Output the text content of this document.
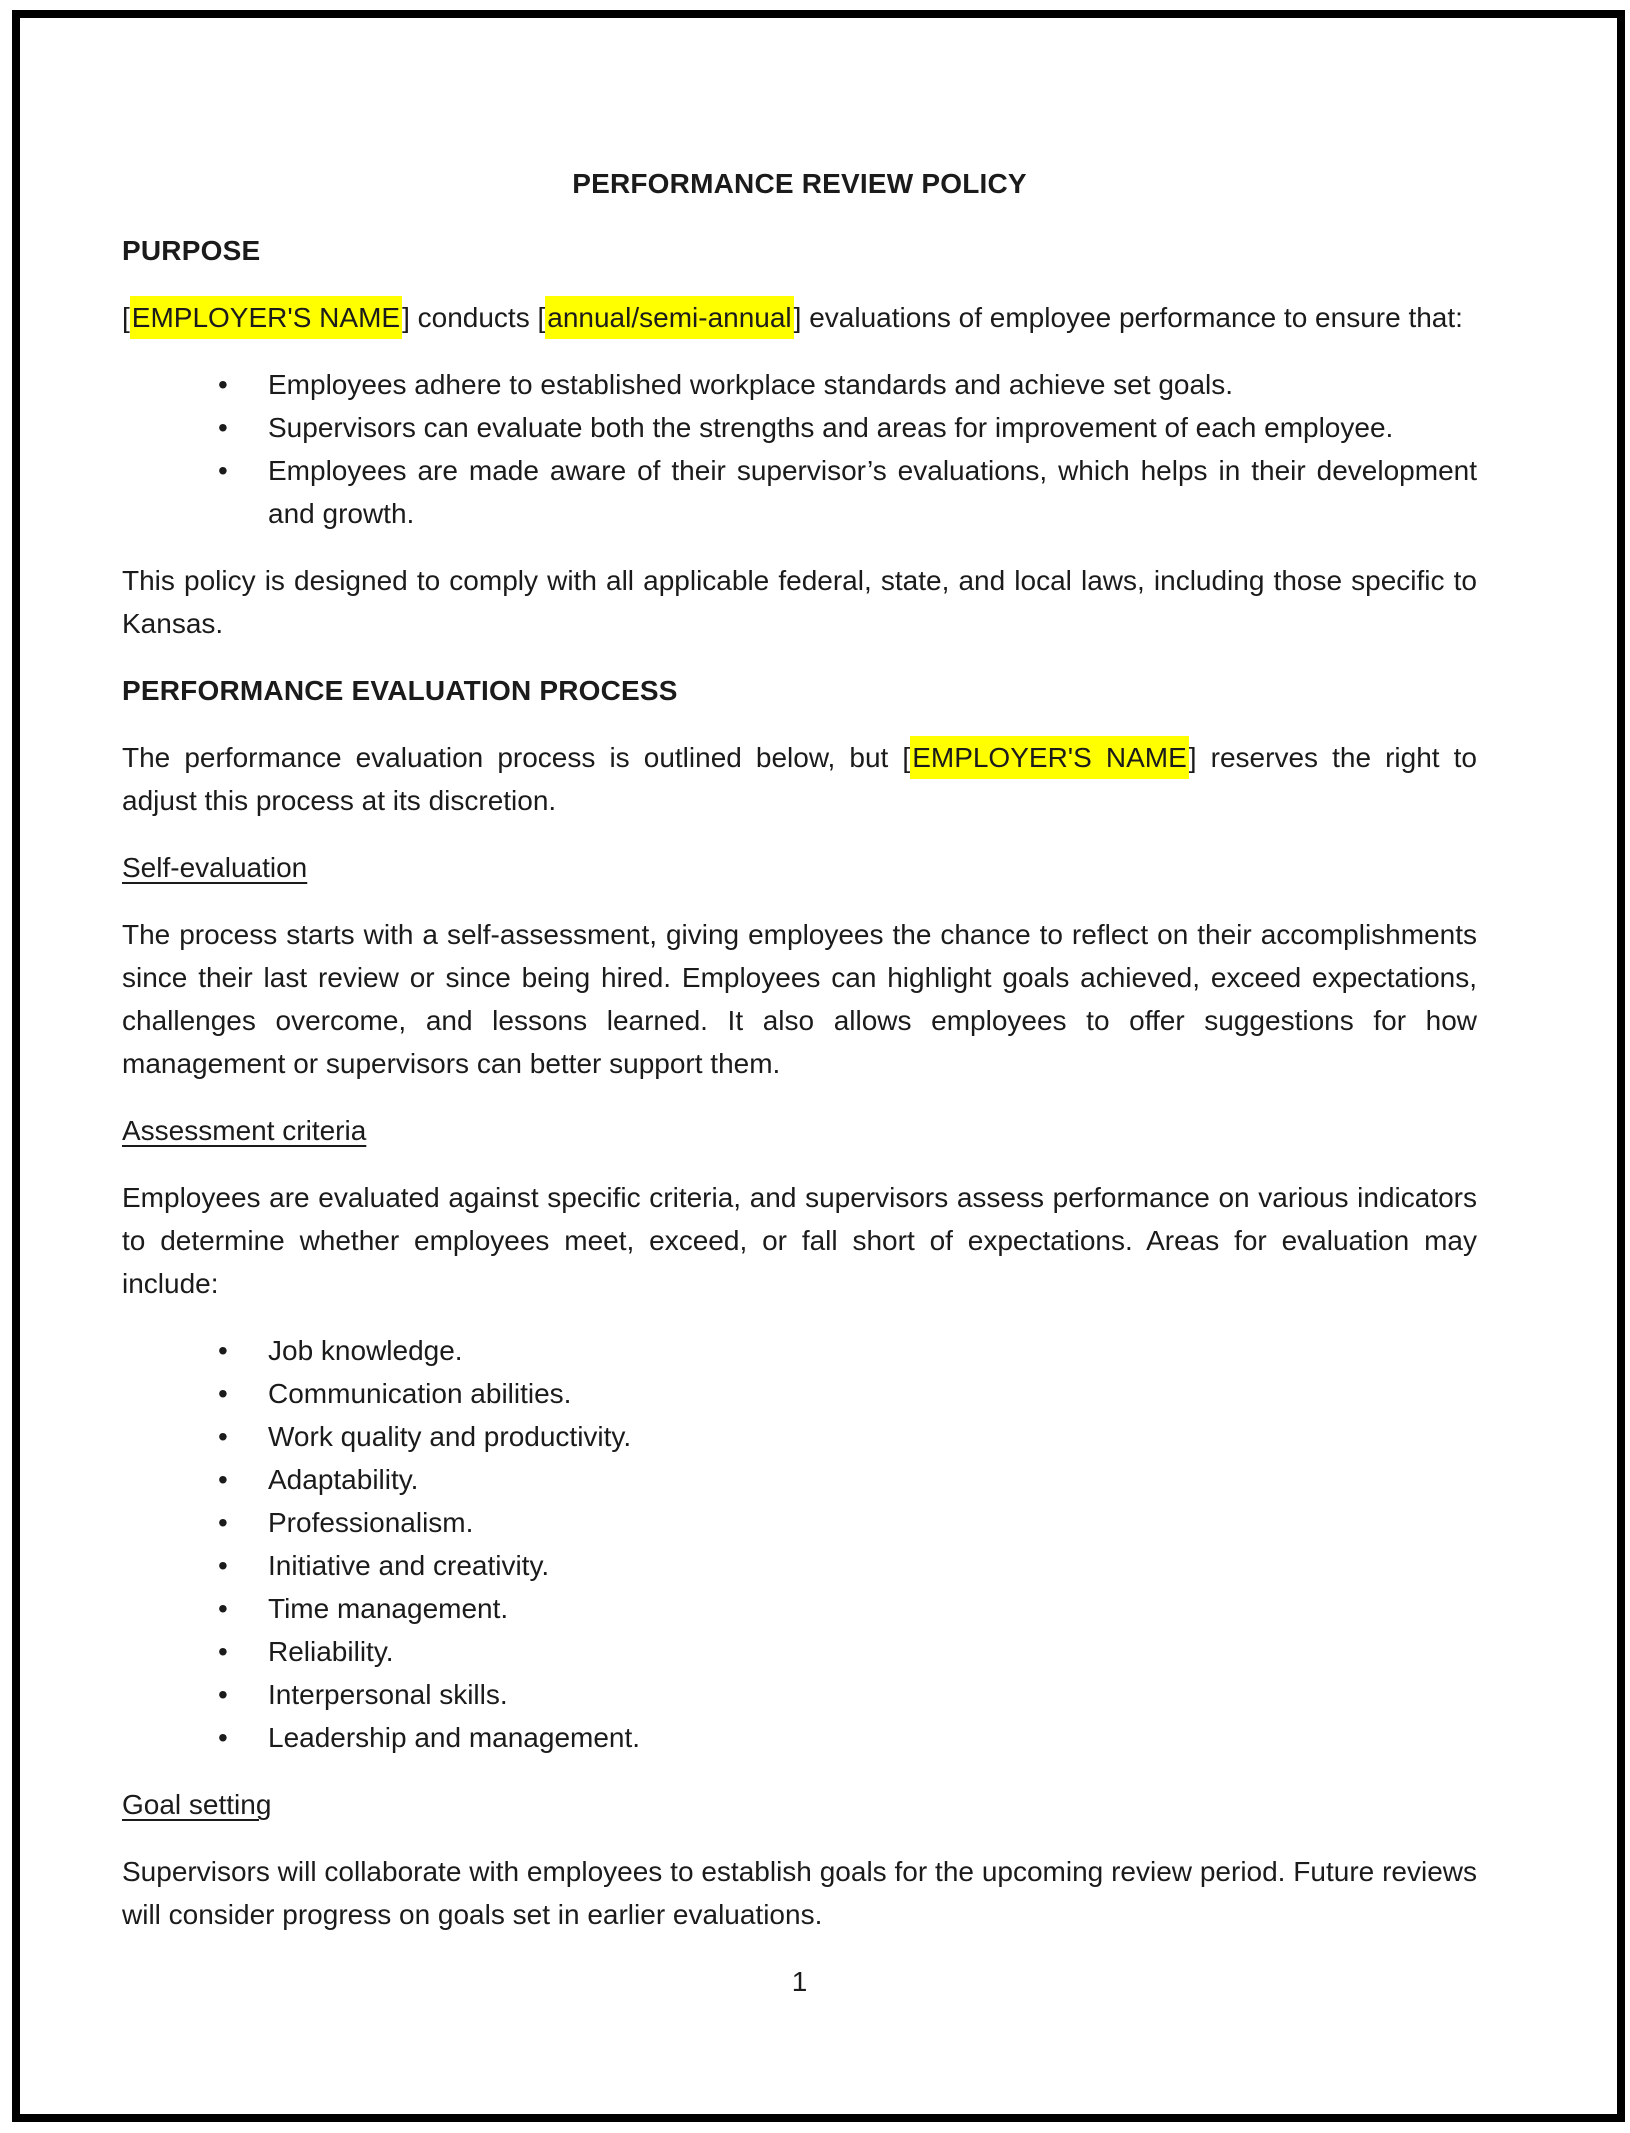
PERFORMANCE REVIEW POLICY
PURPOSE

[EMPLOYER'S NAME] conducts [annual/semi-annual] evaluations of employee performance to ensure that:

• Employees adhere to established workplace standards and achieve set goals.
• Supervisors can evaluate both the strengths and areas for improvement of each employee.
• Employees are made aware of their supervisor’s evaluations, which helps in their development and growth.

This policy is designed to comply with all applicable federal, state, and local laws, including those specific to Kansas.

PERFORMANCE EVALUATION PROCESS

The performance evaluation process is outlined below, but [EMPLOYER'S NAME] reserves the right to adjust this process at its discretion.

Self-evaluation

The process starts with a self-assessment, giving employees the chance to reflect on their accomplishments since their last review or since being hired. Employees can highlight goals achieved, exceed expectations, challenges overcome, and lessons learned. It also allows employees to offer suggestions for how management or supervisors can better support them.

Assessment criteria

Employees are evaluated against specific criteria, and supervisors assess performance on various indicators to determine whether employees meet, exceed, or fall short of expectations. Areas for evaluation may include:

• Job knowledge.
• Communication abilities.
• Work quality and productivity.
• Adaptability.
• Professionalism.
• Initiative and creativity.
• Time management.
• Reliability.
• Interpersonal skills.
• Leadership and management.
Goal setting

Supervisors will collaborate with employees to establish goals for the upcoming review period. Future reviews will consider progress on goals set in earlier evaluations.

1
